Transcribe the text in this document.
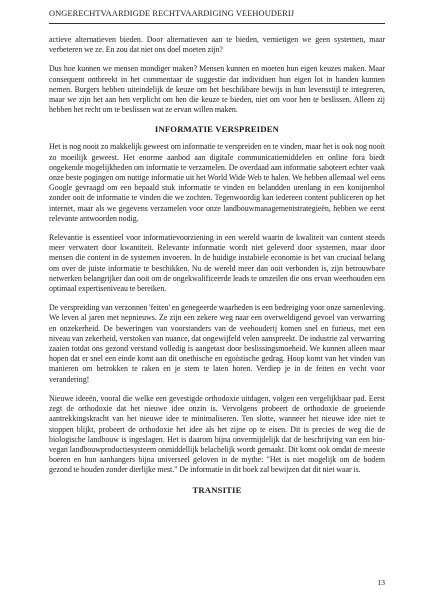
ONGERECHTVAARDIGDE RECHTVAARDIGING VEEHOUDERIJ

actieve alternatieven bieden. Door alternatieven aan te bieden, vernietigen we geen systemen, maar verbeteren we ze. En zou dat niet ons doel moeten zijn?

Dus hoe kunnen we mensen mondiger maken? Mensen kunnen en moeten hun eigen keuzes maken. Maar consequent ontbreekt in het commentaar de suggestie dat individuen hun eigen lot in handen kunnen nemen. Burgers hebben uiteindelijk de keuze om het beschikbare bewijs in hun levensstijl te integreren, maar we zijn het aan hen verplicht om hen die keuze te bieden, niet om voor hen te beslissen. Alleen zij hebben het recht om te beslissen wat ze ervan willen maken.

INFORMATIE VERSPREIDEN

Het is nog nooit zo makkelijk geweest om informatie te verspreiden en te vinden, maar het is ook nog nooit zo moeilijk geweest. Het enorme aanbod aan digitale communicatiemiddelen en online fora biedt ongekende mogelijkheden om informatie te verzamelen. De overdaad aan informatie saboteert echter vaak onze beste pogingen om nuttige informatie uit het World Wide Web te halen. We hebben allemaal wel eens Google gevraagd om een bepaald stuk informatie te vinden en belandden urenlang in een konijnenhol zonder ooit de informatie te vinden die we zochten. Tegenwoordig kan iedereen content publiceren op het internet, maar als we gegevens verzamelen voor onze landbouwmanagementstrategieën, hebben we eerst relevante antwoorden nodig.

Relevantie is essentieel voor informatievoorziening in een wereld waarin de kwaliteit van content steeds meer verwatert door kwantiteit. Relevante informatie wordt niet geleverd door systemen, maar door mensen die content in de systemen invoeren. In de huidige instabiele economie is het van cruciaal belang om over de juiste informatie te beschikken. Nu de wereld meer dan ooit verbonden is, zijn betrouwbare netwerken belangrijker dan ooit om de ongekwalificeerde leads te omzeilen die ons ervan weerhouden een optimaal expertiseniveau te bereiken.

De verspreiding van verzonnen 'feiten' en genegeerde waarheden is een bedreiging voor onze samenleving. We leven al jaren met nepnieuws. Ze zijn een zekere weg naar een overweldigend gevoel van verwarring en onzekerheid. De beweringen van voorstanders van de veehouderij komen snel en furieus, met een niveau van zekerheid, verstoken van nuance, dat ongewijfeld velen aanspreekt. De industrie zal verwarring zaaien totdat ons gezond verstand volledig is aangetast door beslissingsmoeheid. We kunnen alleen maar hopen dat er snel een einde komt aan dit onethische en egoïstische gedrag. Hoop komt van het vinden van manieren om betrokken te raken en je stem te laten horen. Verdiep je in de feiten en vecht voor verandering!

Nieuwe ideeën, vooral die welke een gevestigde orthodoxie uitdagen, volgen een vergelijkbaar pad. Eerst zegt de orthodoxie dat het nieuwe idee onzin is. Vervolgens probeert de orthodoxie de groeiende aantrekkingskracht van het nieuwe idee te minimaliseren. Ten slotte, wanneer het nieuwe idee niet te stoppen blijkt, probeert de orthodoxie het idee als het zijne op te eisen. Dit is precies de weg die de biologische landbouw is ingeslagen. Het is daarom bijna onvermijdelijk dat de beschrijving van een bio-vegan landbouwproductiesysteem onmiddellijk belachelijk wordt gemaakt. Dit komt ook omdat de meeste boeren en hun aanhangers bijna universeel geloven in de mythe: "Het is niet mogelijk om de bodem gezond te houden zonder dierlijke mest." De informatie in dit boek zal bewijzen dat dit niet waar is.

TRANSITIE
13
